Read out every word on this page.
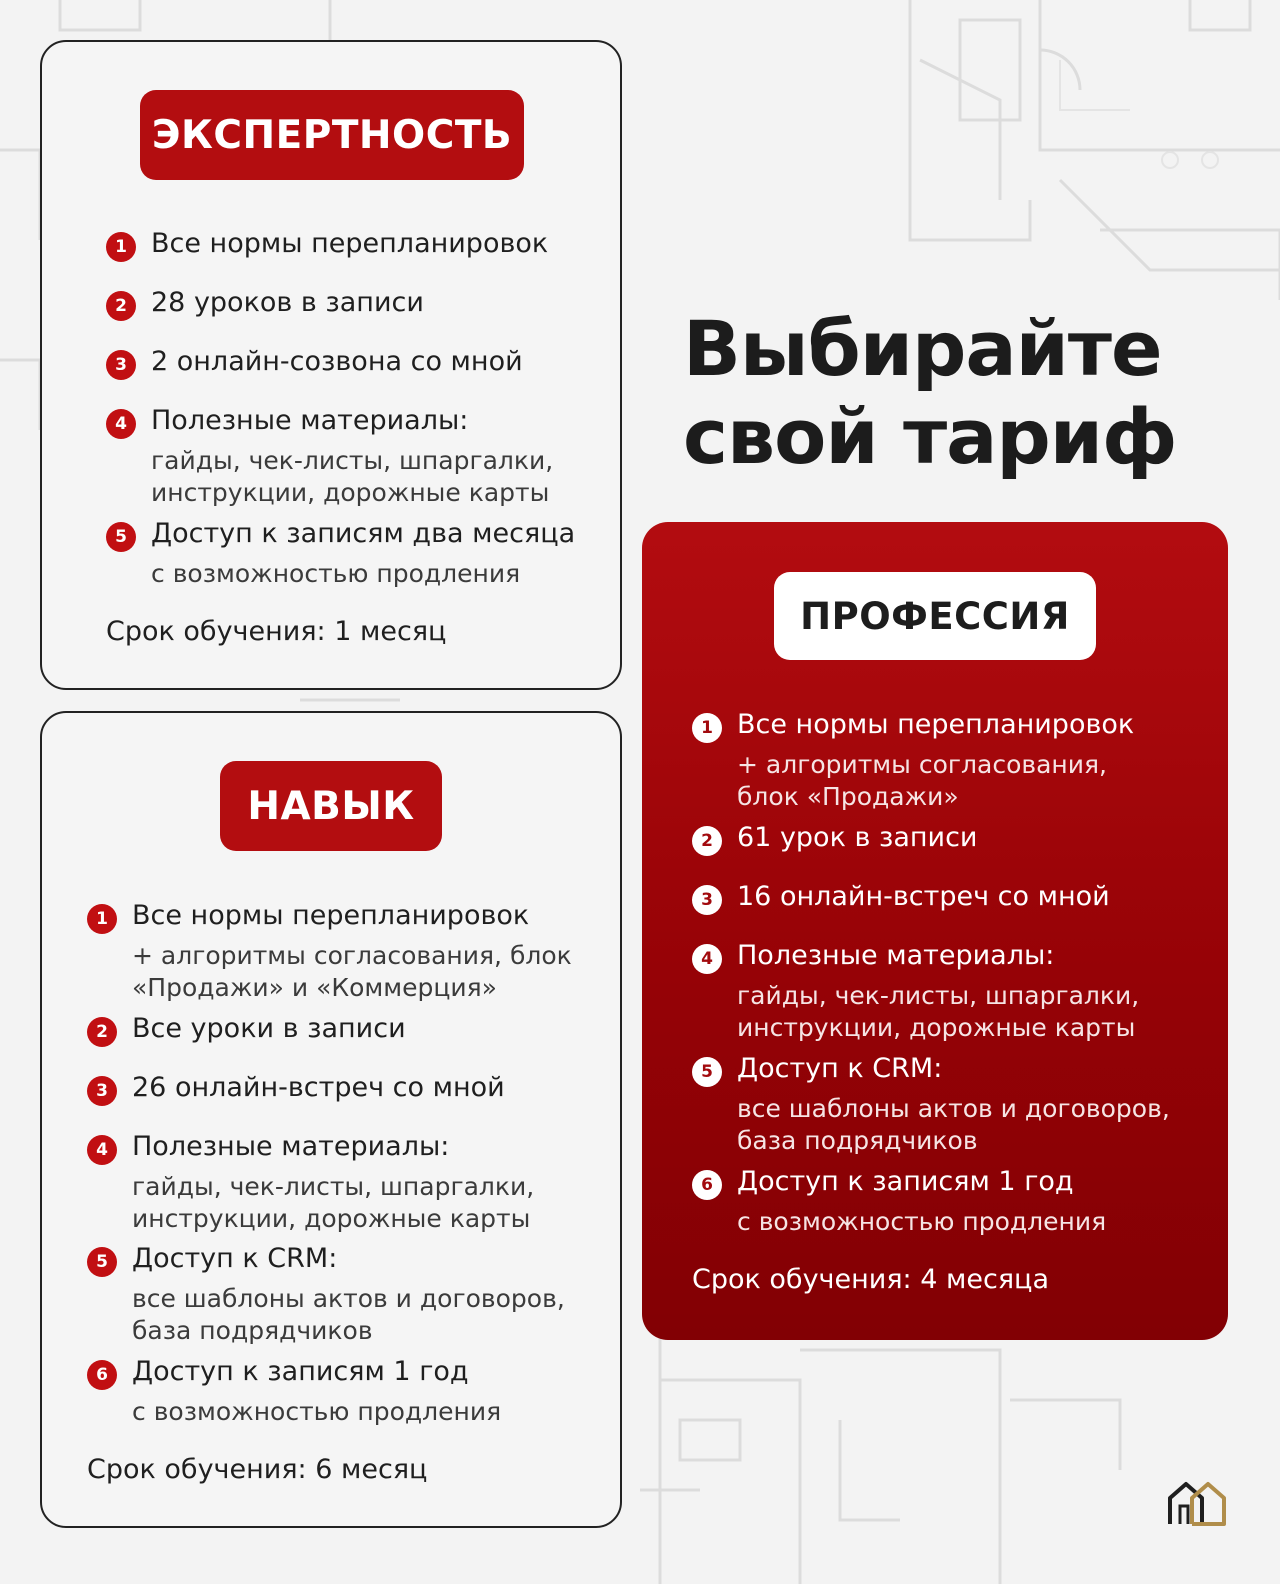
ЭКСПЕРТНОСТЬ
1 Все нормы перепланировок
2 28 уроков в записи
3 2 онлайн-созвона со мной
4 Полезные материалы:
гайды, чек-листы, шпаргалки,
инструкции, дорожные карты
5 Доступ к записям два месяца
с возможностью продления
Срок обучения: 1 месяц
НАВЫК
1 Все нормы перепланировок
+ алгоритмы согласования, блок
«Продажи» и «Коммерция»
2 Все уроки в записи
3 26 онлайн-встреч со мной
4 Полезные материалы:
гайды, чек-листы, шпаргалки,
инструкции, дорожные карты
5 Доступ к CRM:
все шаблоны актов и договоров,
база подрядчиков
6 Доступ к записям 1 год
с возможностью продления
Срок обучения: 6 месяц
Выбирайте
свой тариф
ПРОФЕССИЯ
1 Все нормы перепланировок
+ алгоритмы согласования,
блок «Продажи»
2 61 урок в записи
3 16 онлайн-встреч со мной
4 Полезные материалы:
гайды, чек-листы, шпаргалки,
инструкции, дорожные карты
5 Доступ к CRM:
все шаблоны актов и договоров,
база подрядчиков
6 Доступ к записям 1 год
с возможностью продления
Срок обучения: 4 месяца
